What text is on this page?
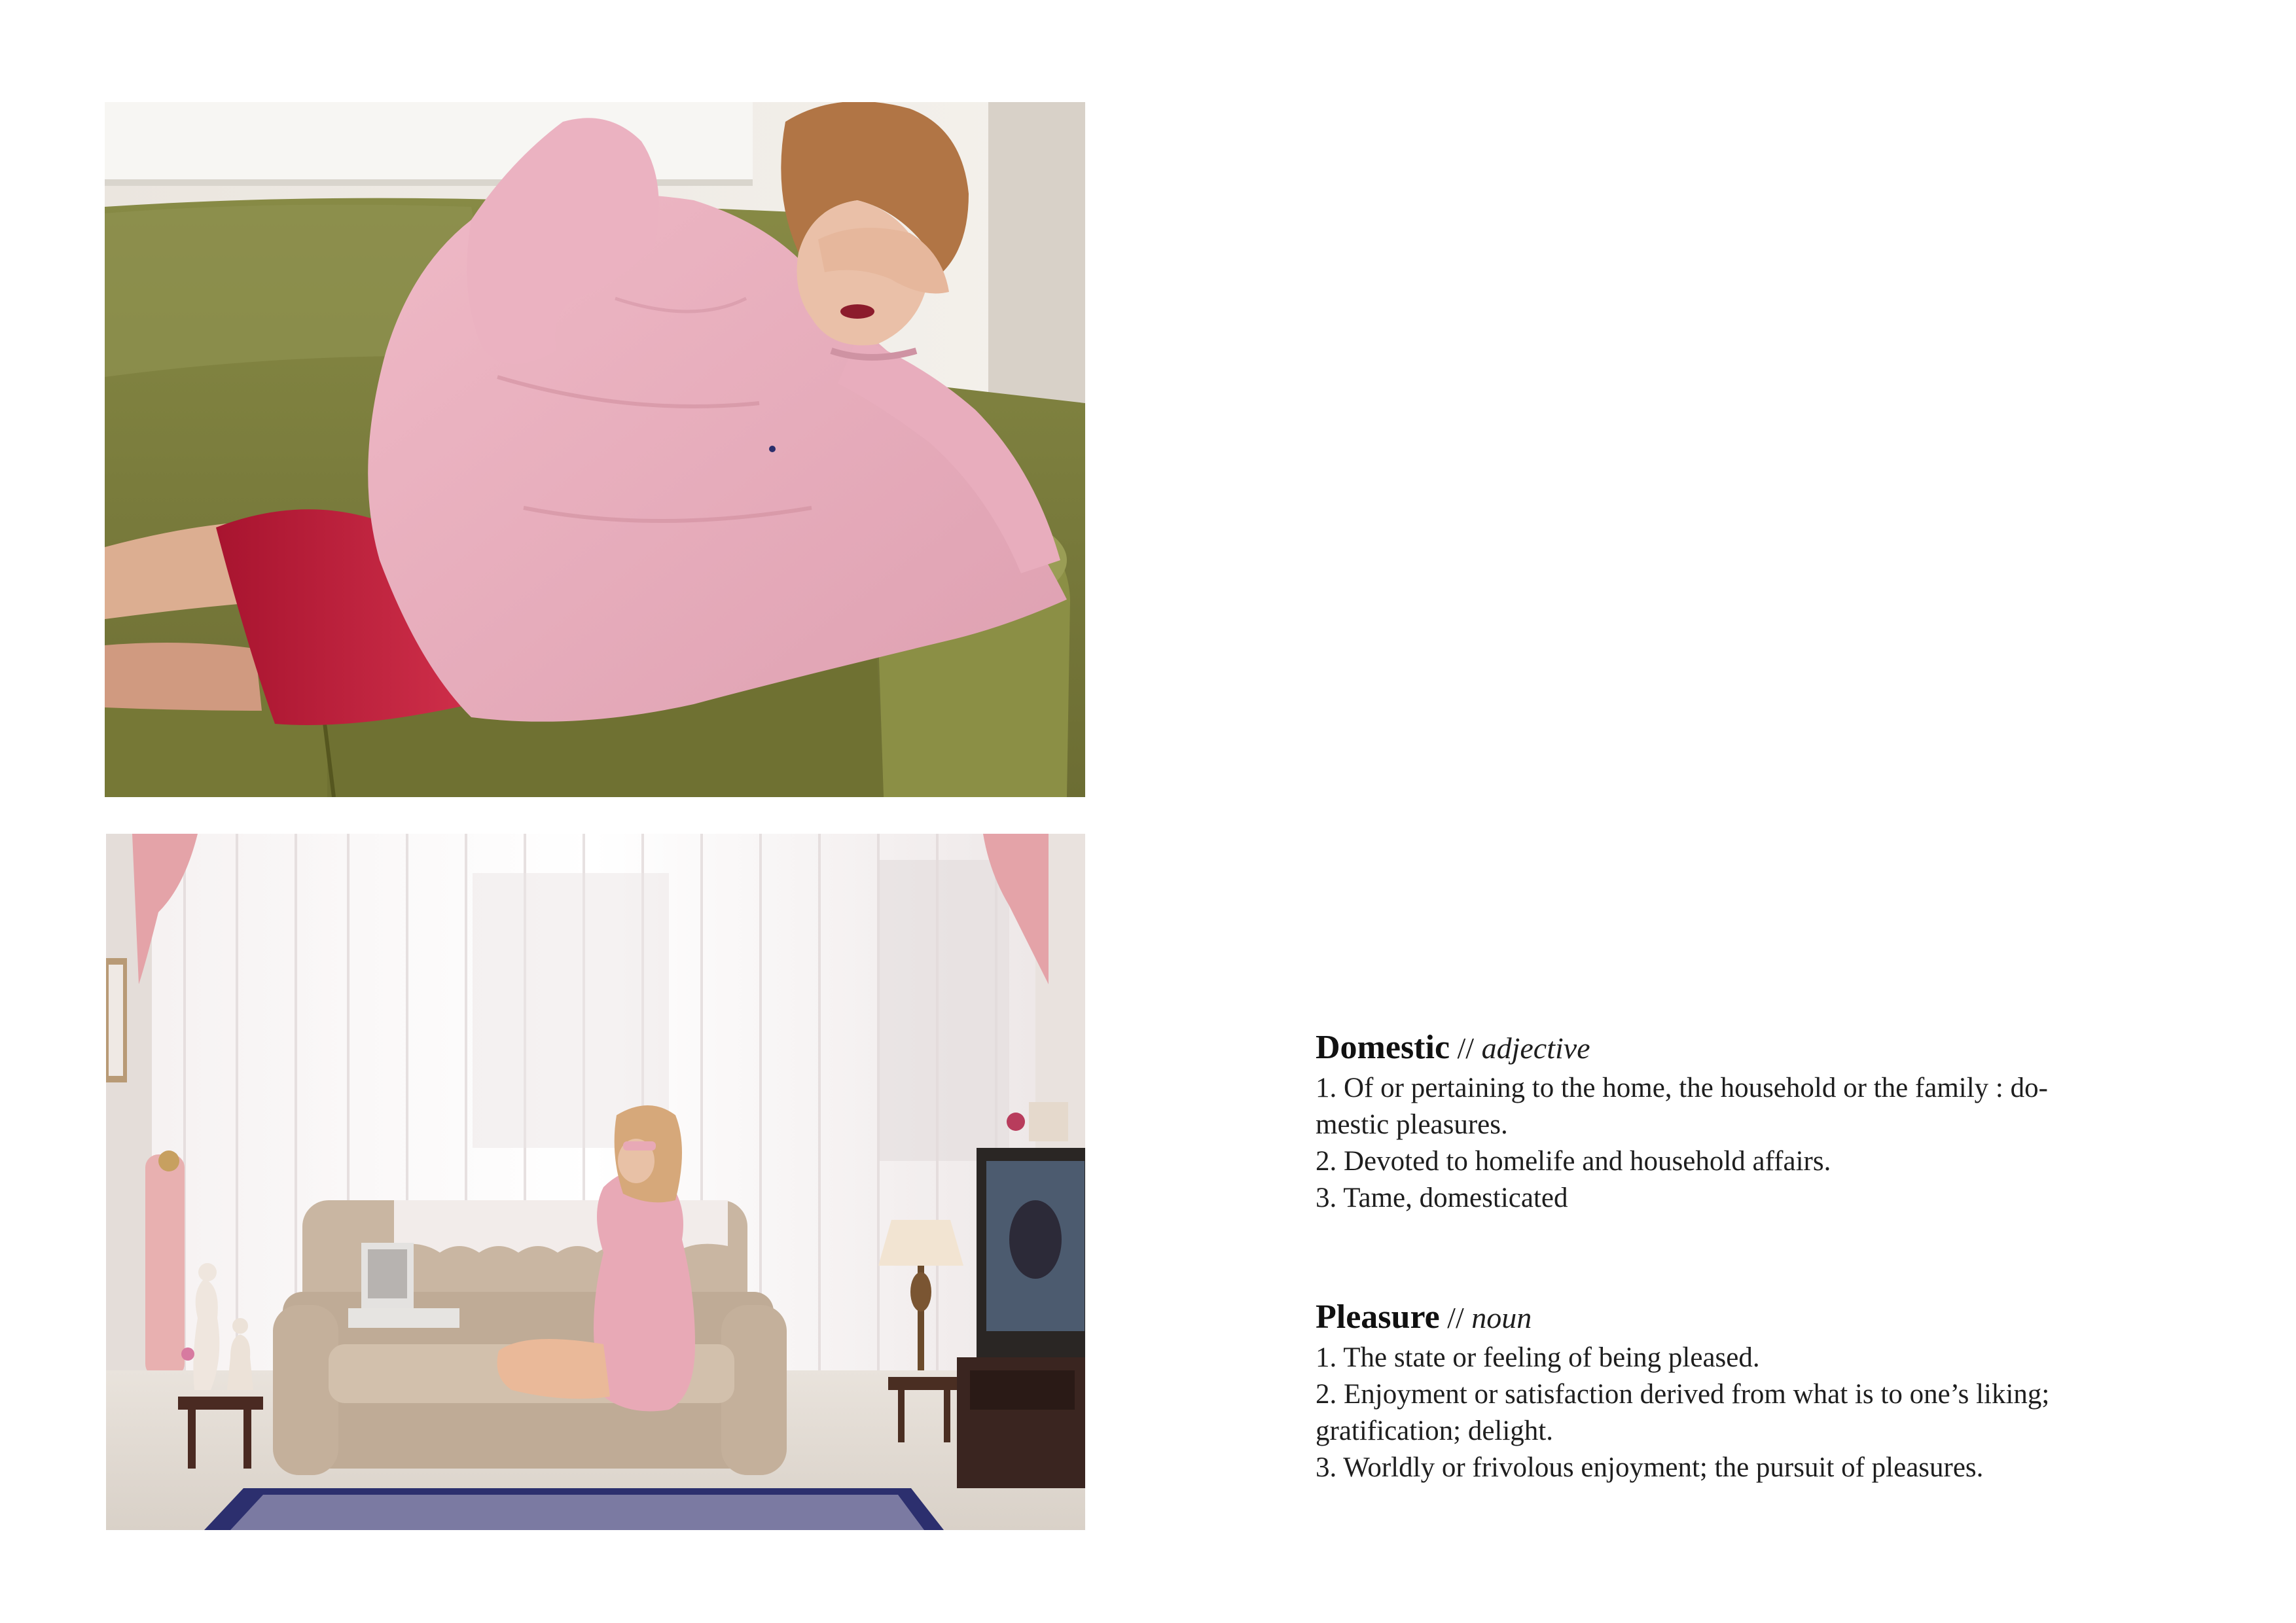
Domestic // adjective
1. Of or pertaining to the home, the household or the family : do-
mestic pleasures.
2. Devoted to homelife and household affairs.
3. Tame, domesticated
Pleasure // noun
1. The state or feeling of being pleased.
2. Enjoyment or satisfaction derived from what is to one’s liking;
gratification; delight.
3. Worldly or frivolous enjoyment; the pursuit of pleasures.
